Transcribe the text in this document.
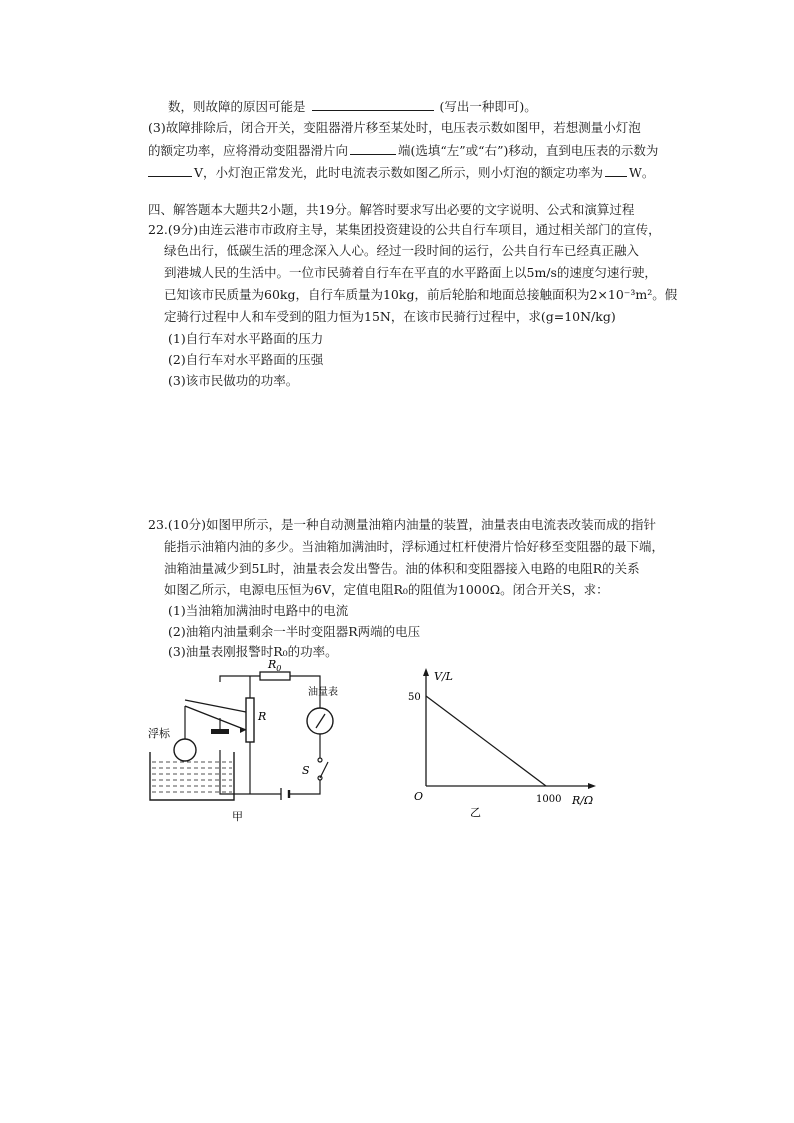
数，则故障的原因可能是	(写出一种即可)。
(3)故障排除后，闭合开关，变阻器滑片移至某处时，电压表示数如图甲，若想测量小灯泡
的额定功率，应将滑动变阻器滑片向	端(选填“左”或“右”)移动，直到电压表的示数为
V，小灯泡正常发光，此时电流表示数如图乙所示，则小灯泡的额定功率为 W。
四、解答题本大题共2小题，共19分。解答时要求写出必要的文字说明、公式和演算过程
22.(9分)由连云港市市政府主导，某集团投资建设的公共自行车项目，通过相关部门的宣传，
绿色出行，低碳生活的理念深入人心。经过一段时间的运行，公共自行车已经真正融入
到港城人民的生活中。一位市民骑着自行车在平直的水平路面上以5m/s的速度匀速行驶，
已知该市民质量为60kg，自行车质量为10kg，前后轮胎和地面总接触面积为2×10⁻³m²。假
定骑行过程中人和车受到的阻力恒为15N，在该市民骑行过程中，求(g=10N/kg)
(1)自行车对水平路面的压力
(2)自行车对水平路面的压强
(3)该市民做功的功率。
23.(10分)如图甲所示，是一种自动测量油箱内油量的装置，油量表由电流表改装而成的指针
能指示油箱内油的多少。当油箱加满油时，浮标通过杠杆使滑片恰好移至变阻器的最下端，
油箱油量减少到5L时，油量表会发出警告。油的体积和变阻器接入电路的电阻R的关系
如图乙所示，电源电压恒为6V，定值电阻R₀的阻值为1000Ω。闭合开关S，求：
(1)当油箱加满油时电路中的电流
(2)油箱内油量剩余一半时变阻器R两端的电压
(3)油量表刚报警时R₀的功率。
浮标
R
$R_0$
油量表
S
甲
V/L
R/Ω
O
50
1000
乙
